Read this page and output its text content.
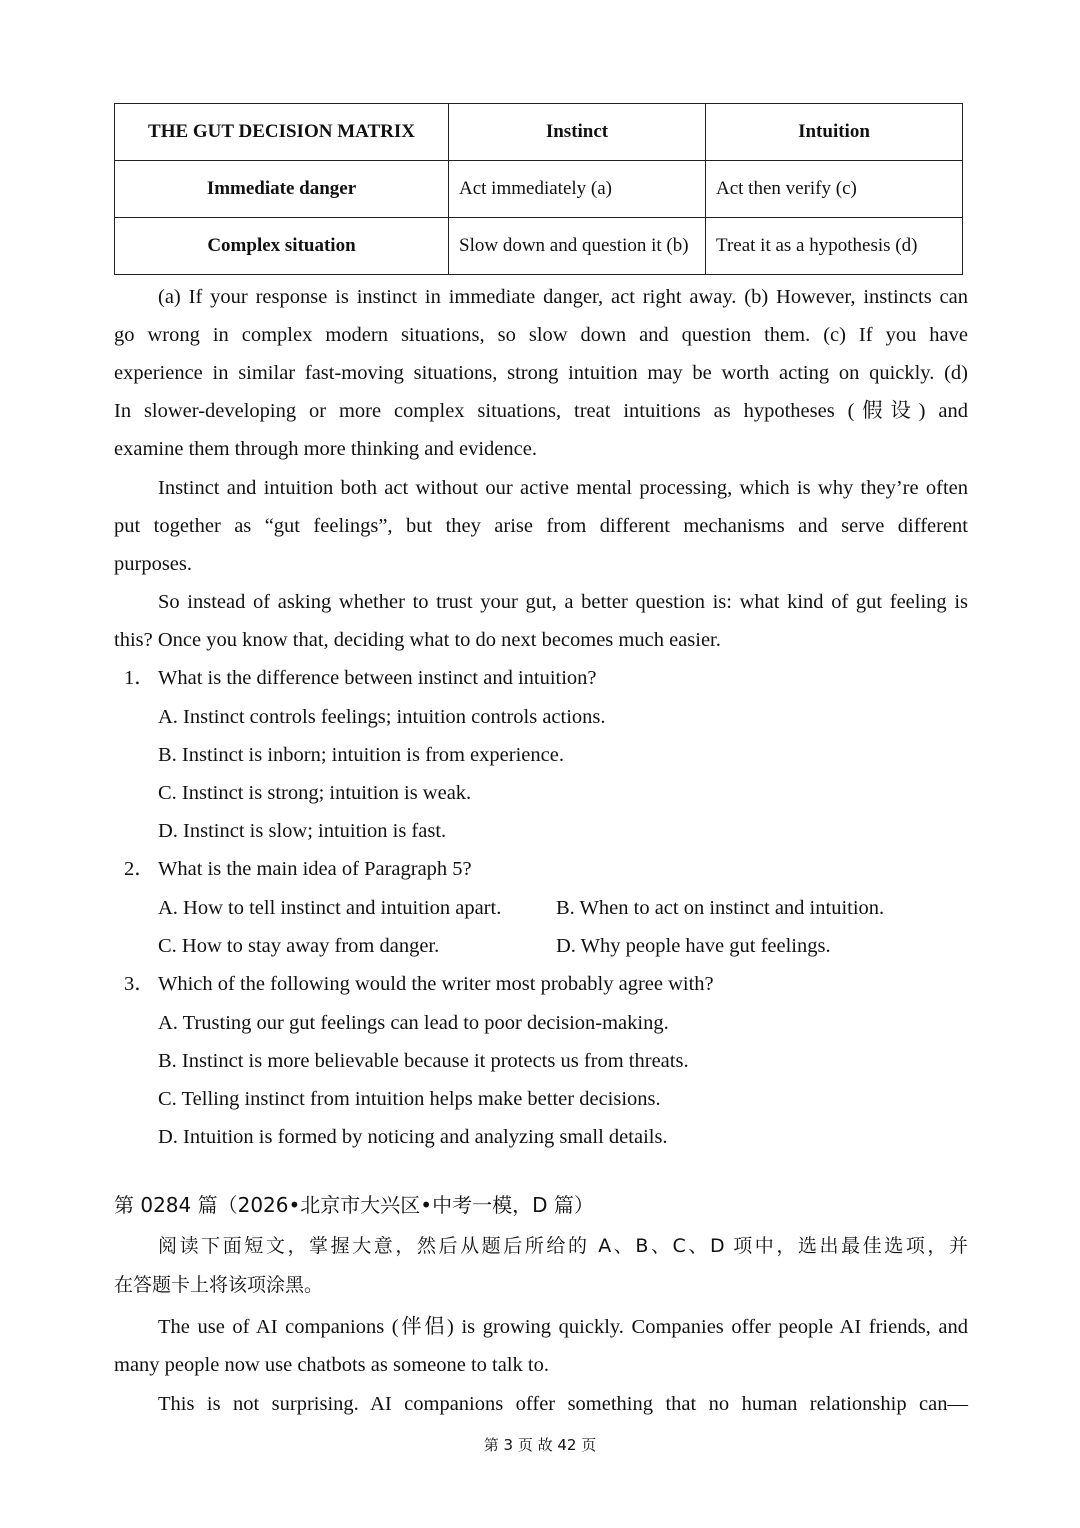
THE GUT DECISION MATRIX	Instinct	Intuition
Immediate danger	Act immediately (a)	Act then verify (c)
Complex situation	Slow down and question it (b)	Treat it as a hypothesis (d)
(a) If your response is instinct in immediate danger, act right away. (b) However, instincts can
go wrong in complex modern situations, so slow down and question them. (c) If you have
experience in similar fast-moving situations, strong intuition may be worth acting on quickly. (d)
In slower-developing or more complex situations, treat intuitions as hypotheses (假设) and
examine them through more thinking and evidence.
Instinct and intuition both act without our active mental processing, which is why they’re often
put together as “gut feelings”, but they arise from different mechanisms and serve different
purposes.
So instead of asking whether to trust your gut, a better question is: what kind of gut feeling is
this? Once you know that, deciding what to do next becomes much easier.
1． What is the difference between instinct and intuition?
A. Instinct controls feelings; intuition controls actions.
B. Instinct is inborn; intuition is from experience.
C. Instinct is strong; intuition is weak.
D. Instinct is slow; intuition is fast.
2． What is the main idea of Paragraph 5?
A. How to tell instinct and intuition apart.	B. When to act on instinct and intuition.
C. How to stay away from danger.	D. Why people have gut feelings.
3． Which of the following would the writer most probably agree with?
A. Trusting our gut feelings can lead to poor decision-making.
B. Instinct is more believable because it protects us from threats.
C. Telling instinct from intuition helps make better decisions.
D. Intuition is formed by noticing and analyzing small details.
第 0284 篇（2026•北京市大兴区•中考一模，D 篇）
阅读下面短文，掌握大意，然后从题后所给的 A、B、C、D 项中，选出最佳选项，并
在答题卡上将该项涂黑。
The use of AI companions (伴侣) is growing quickly. Companies offer people AI friends, and
many people now use chatbots as someone to talk to.
This is not surprising. AI companions offer something that no human relationship can—
第 3 页 故 42 页
